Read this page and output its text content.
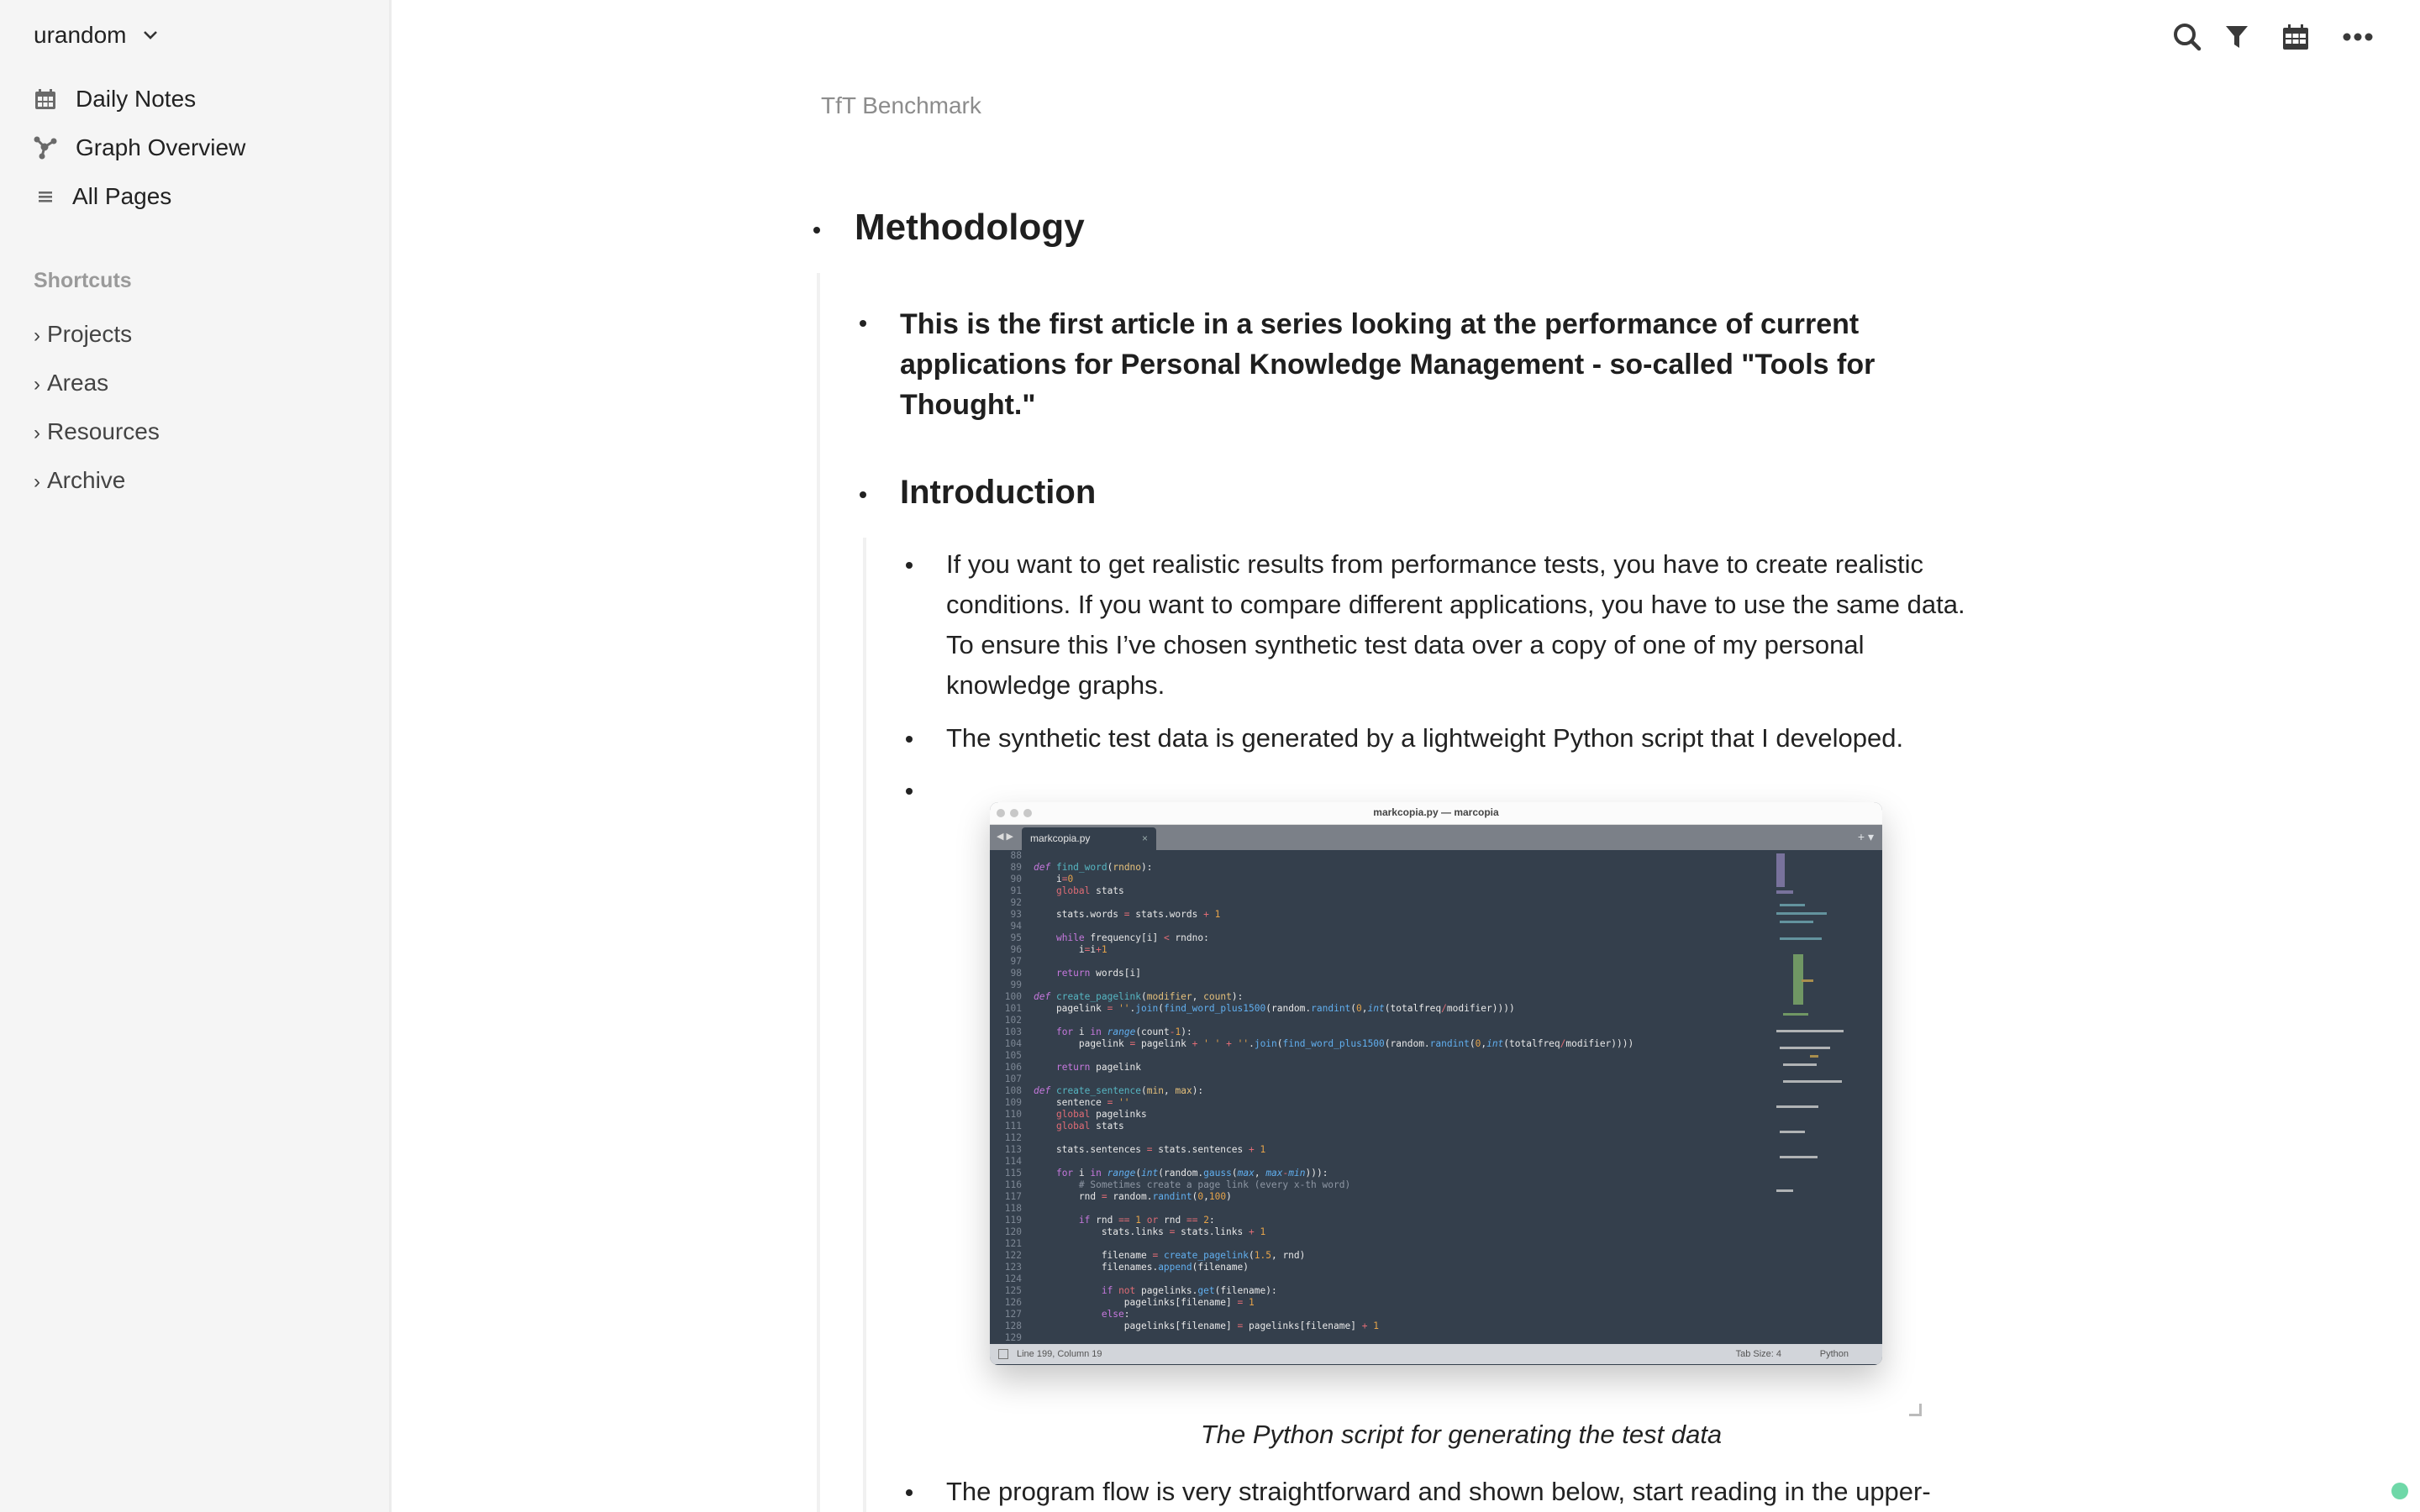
urandom
Daily Notes
Graph Overview
All Pages
Shortcuts
› Projects
› Areas
› Resources
› Archive
TfT Benchmark
Methodology
This is the first article in a series looking at the performance of current applications for Personal Knowledge Management - so-called "Tools for Thought."
Introduction
If you want to get realistic results from performance tests, you have to create realistic
conditions. If you want to compare different applications, you have to use the same data.
To ensure this I’ve chosen synthetic test data over a copy of one of my personal
knowledge graphs.
The synthetic test data is generated by a lightweight Python script that I developed.
markcopia.py — marcopia
◀ ▶	markcopia.py	×	+ ▾
88
89 def find_word(rndno):
90    i=0
91	global stats
92
93    stats.words = stats.words + 1
94
95	while frequency[i] < rndno:
96        i=i+1
97
98	return words[i]
99
100 def create_pagelink(modifier, count):
101    pagelink = ''.join(find_word_plus1500(random.randint(0,int(totalfreq/modifier))))
102
103	for i in range(count-1):
104        pagelink = pagelink + ' ' + ''.join(find_word_plus1500(random.randint(0,int(totalfreq/modifier))))
105
106	return pagelink
107
108 def create_sentence(min, max):
109    sentence = ''
110	global pagelinks
111	global stats
112
113    stats.sentences = stats.sentences + 1
114
115	for i in range(int(random.gauss(max, max-min))):
116	# Sometimes create a page link (every x-th word)
117        rnd = random.randint(0,100)
118
119	if rnd == 1 or rnd == 2:
120            stats.links = stats.links + 1
121
122            filename = create_pagelink(1.5, rnd)
123            filenames.append(filename)
124
125	if not pagelinks.get(filename):
126                pagelinks[filename] = 1
127	else:
128                pagelinks[filename] = pagelinks[filename] + 1
129
Line 199, Column 19	Tab Size: 4	Python
The Python script for generating the test data
The program flow is very straightforward and shown below, start reading in the upper-
